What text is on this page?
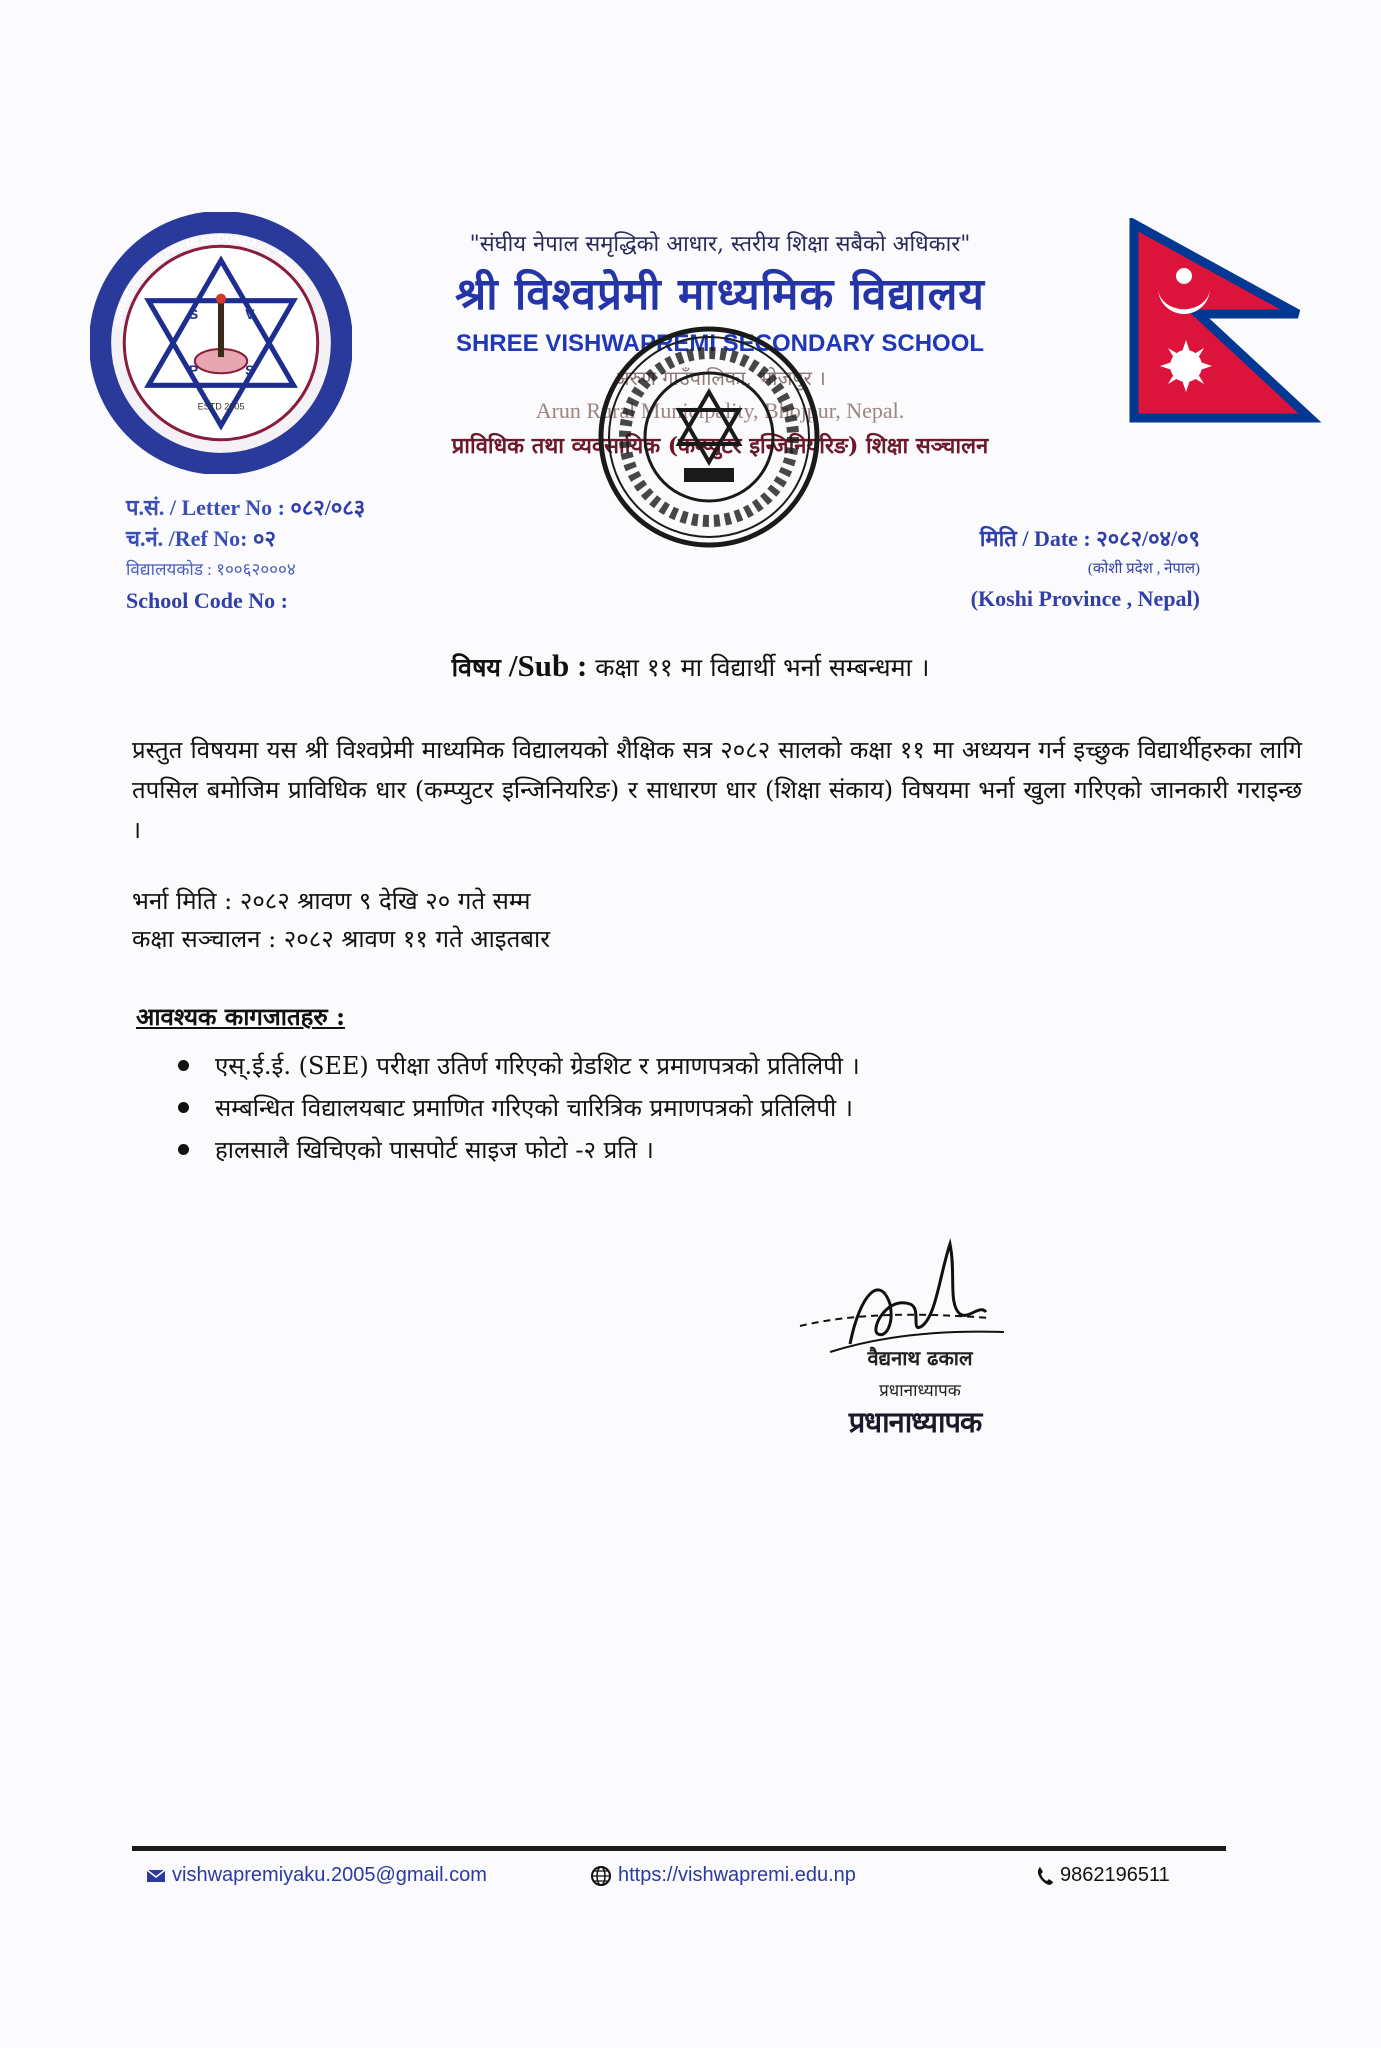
S	V
P	S
ESTD 2005
SHREE VISHWAPREMI SECONDARY SCHOOL
"संघीय नेपाल समृद्धिको आधार, स्तरीय शिक्षा सबैको अधिकार"
श्री विश्वप्रेमी माध्यमिक विद्यालय
SHREE VISHWAPREMI SECONDARY SCHOOL
अरुण गाउँपालिका, भोजपुर ।
Arun Rural Municipality, Bhojpur, Nepal.
प्राविधिक तथा व्यवसायिक (कम्प्युटर इन्जिनियरिङ) शिक्षा सञ्चालन
प.सं. / Letter No : ०८२/०८३
च.नं. /Ref No: ०२
विद्यालयकोड : १००६२०००४
School Code No :
मिति / Date : २०८२/०४/०९
(कोशी प्रदेश , नेपाल)
(Koshi Province , Nepal)
विषय /Sub : कक्षा ११ मा विद्यार्थी भर्ना सम्बन्धमा ।
प्रस्तुत विषयमा यस श्री विश्वप्रेमी माध्यमिक विद्यालयको शैक्षिक सत्र २०८२ सालको कक्षा ११ मा अध्ययन गर्न इच्छुक विद्यार्थीहरुका लागि तपसिल बमोजिम प्राविधिक धार (कम्प्युटर इन्जिनियरिङ) र साधारण धार (शिक्षा संकाय) विषयमा भर्ना खुला गरिएको जानकारी गराइन्छ ।
भर्ना मिति : २०८२ श्रावण ९ देखि २० गते सम्म
कक्षा सञ्चालन : २०८२ श्रावण ११ गते आइतबार
आवश्यक कागजातहरु :
एस्.ई.ई. (SEE) परीक्षा उतिर्ण गरिएको ग्रेडशिट र प्रमाणपत्रको प्रतिलिपी ।
सम्बन्धित विद्यालयबाट प्रमाणित गरिएको चारित्रिक प्रमाणपत्रको प्रतिलिपी ।
हालसालै खिचिएको पासपोर्ट साइज फोटो -२ प्रति ।
वैद्यनाथ ढकाल
प्रधानाध्यापक
प्रधानाध्यापक
vishwapremiyaku.2005@gmail.com	https://vishwapremi.edu.np	9862196511
